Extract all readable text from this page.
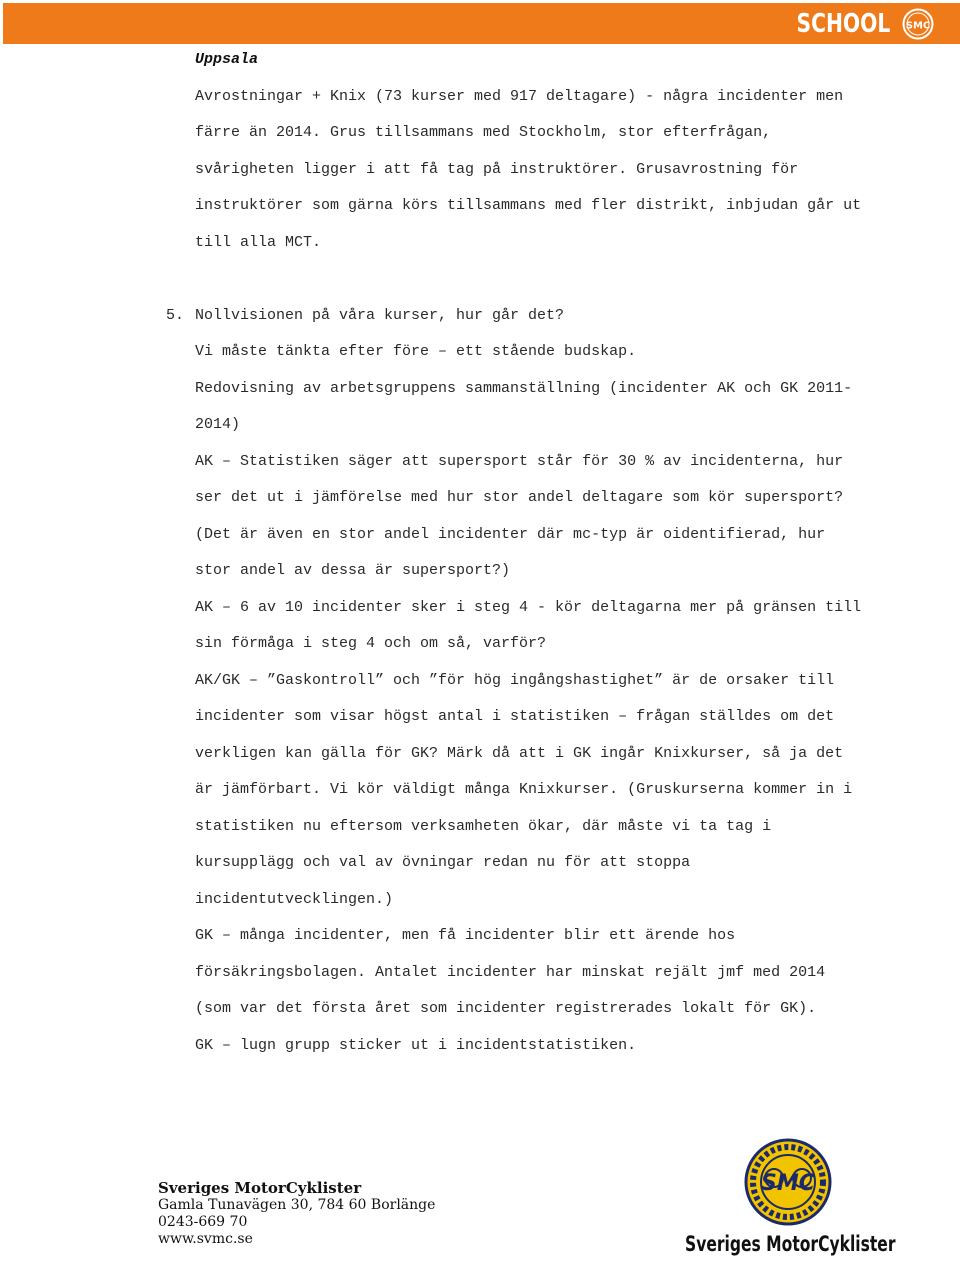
SCHOOL SMC

Uppsala

Avrostningar + Knix (73 kurser med 917 deltagare) - några incidenter men

färre än 2014. Grus tillsammans med Stockholm, stor efterfrågan,

svårigheten ligger i att få tag på instruktörer. Grusavrostning för

instruktörer som gärna körs tillsammans med fler distrikt, inbjudan går ut

till alla MCT.

5. Nollvisionen på våra kurser, hur går det?

Vi måste tänkta efter före – ett stående budskap.

Redovisning av arbetsgruppens sammanställning (incidenter AK och GK 2011-

2014)

AK – Statistiken säger att supersport står för 30 % av incidenterna, hur

ser det ut i jämförelse med hur stor andel deltagare som kör supersport?

(Det är även en stor andel incidenter där mc-typ är oidentifierad, hur

stor andel av dessa är supersport?)

AK – 6 av 10 incidenter sker i steg 4 - kör deltagarna mer på gränsen till

sin förmåga i steg 4 och om så, varför?

AK/GK – ”Gaskontroll” och ”för hög ingångshastighet” är de orsaker till

incidenter som visar högst antal i statistiken – frågan ställdes om det

verkligen kan gälla för GK? Märk då att i GK ingår Knixkurser, så ja det

är jämförbart. Vi kör väldigt många Knixkurser. (Gruskurserna kommer in i

statistiken nu eftersom verksamheten ökar, där måste vi ta tag i

kursupplägg och val av övningar redan nu för att stoppa

incidentutvecklingen.)

GK – många incidenter, men få incidenter blir ett ärende hos

försäkringsbolagen. Antalet incidenter har minskat rejält jmf med 2014

(som var det första året som incidenter registrerades lokalt för GK).

GK – lugn grupp sticker ut i incidentstatistiken.

Sveriges MotorCyklister
Gamla Tunavägen 30, 784 60 Borlänge
0243-669 70
www.svmc.se
SMC
Sveriges MotorCyklister
